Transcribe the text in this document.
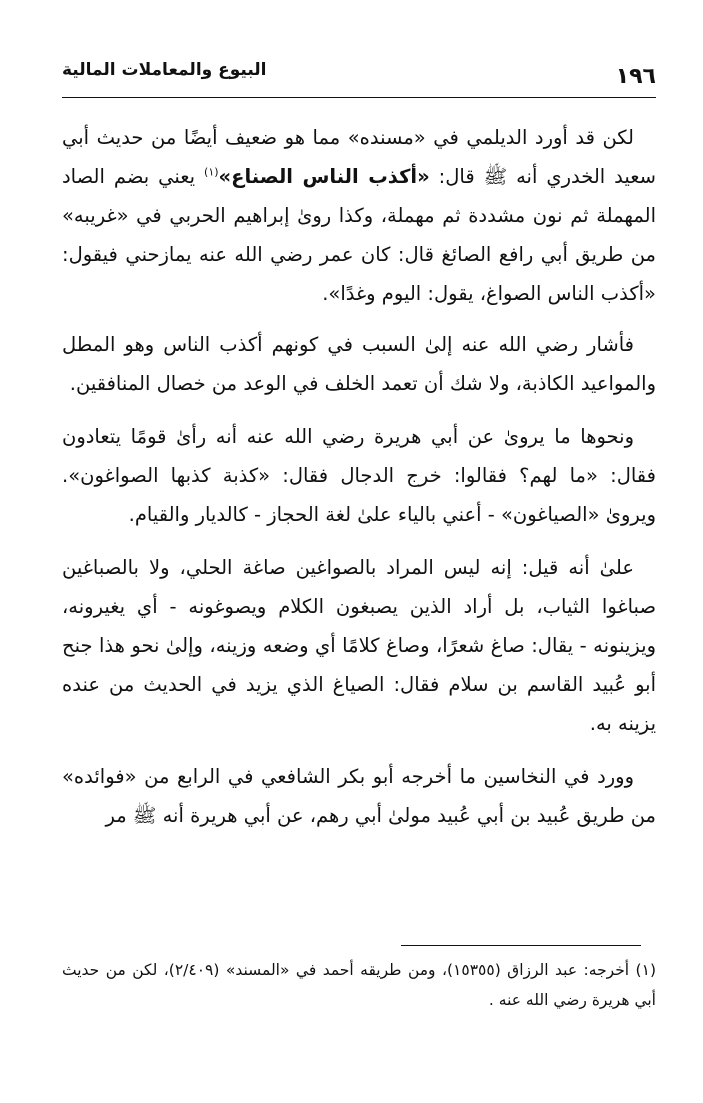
١٩٦
البيوع والمعاملات المالية

لكن قد أورد الديلمي في «مسنده» مما هو ضعيف أيضًا من حديث أبي سعيد الخدري أنه ﷺ قال: «أكذب الناس الصناع»$^{(١)}$ يعني بضم الصاد المهملة ثم نون مشددة ثم مهملة، وكذا روىٰ إبراهيم الحربي في «غريبه» من طريق أبي رافع الصائغ قال: كان عمر رضي الله عنه يمازحني فيقول: «أكذب الناس الصواغ، يقول: اليوم وغدًا».

فأشار رضي الله عنه إلىٰ السبب في كونهم أكذب الناس وهو المطل والمواعيد الكاذبة، ولا شك أن تعمد الخلف في الوعد من خصال المنافقين.

ونحوها ما يروىٰ عن أبي هريرة رضي الله عنه أنه رأىٰ قومًا يتعادون فقال: «ما لهم؟ فقالوا: خرج الدجال فقال: «كذبة كذبها الصواغون». ويروىٰ «الصياغون» - أعني بالياء علىٰ لغة الحجاز - كالديار والقيام.

علىٰ أنه قيل: إنه ليس المراد بالصواغين صاغة الحلي، ولا بالصباغين صباغوا الثياب، بل أراد الذين يصبغون الكلام ويصوغونه - أي يغيرونه، ويزينونه - يقال: صاغ شعرًا، وصاغ كلامًا أي وضعه وزينه، وإلىٰ نحو هذا جنح أبو عُبيد القاسم بن سلام فقال: الصياغ الذي يزيد في الحديث من عنده يزينه به.

وورد في النخاسين ما أخرجه أبو بكر الشافعي في الرابع من «فوائده» من طريق عُبيد بن أبي عُبيد مولىٰ أبي رهم، عن أبي هريرة أنه ﷺ مر

(١) أخرجه: عبد الرزاق (١٥٣٥٥)، ومن طريقه أحمد في «المسند» (٢/٤٠٩)، لكن من حديث أبي هريرة رضي الله عنه .
